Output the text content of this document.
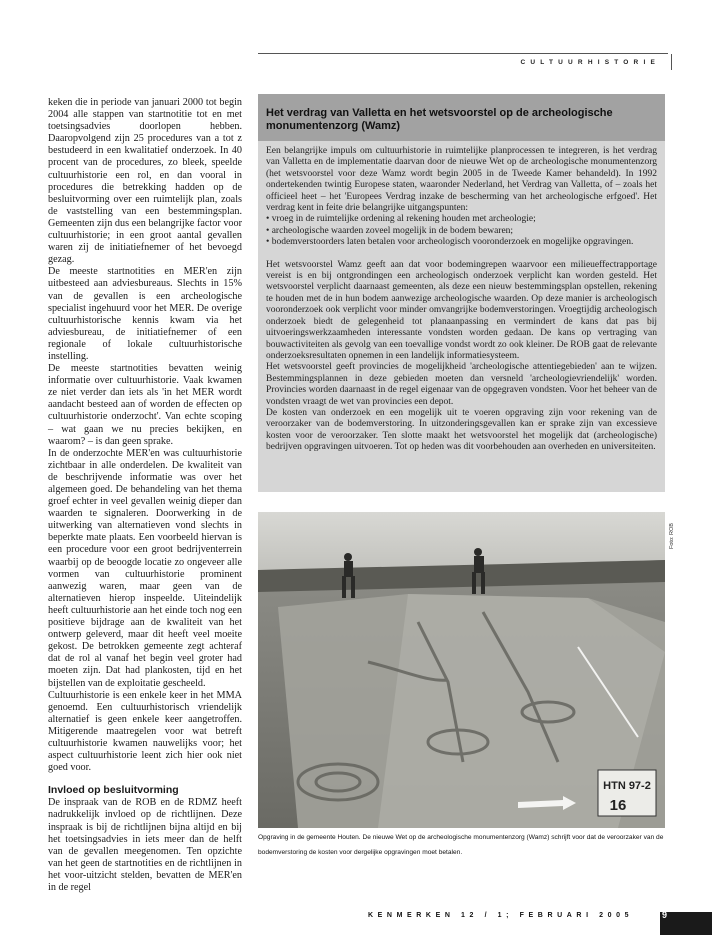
CULTUURHISTORIE

keken die in periode van januari 2000 tot begin 2004 alle stappen van startnotitie tot en met toetsingsadvies doorlopen hebben. Daaropvolgend zijn 25 procedures van a tot z bestudeerd in een kwalitatief onderzoek. In 40 procent van de procedures, zo bleek, speelde cultuurhistorie een rol, en dan vooral in procedures die betrekking hadden op de besluitvorming over een ruimtelijk plan, zoals de vaststelling van een bestemmingsplan. Gemeenten zijn dus een belangrijke factor voor cultuurhistorie; in een groot aantal gevallen waren zij de initiatiefnemer of het bevoegd gezag.

De meeste startnotities en MER'en zijn uitbesteed aan adviesbureaus. Slechts in 15% van de gevallen is een archeologische specialist ingehuurd voor het MER. De overige cultuurhistorische kennis kwam via het adviesbureau, de initiatiefnemer of een regionale of lokale cultuurhistorische instelling.

De meeste startnotities bevatten weinig informatie over cultuurhistorie. Vaak kwamen ze niet verder dan iets als 'in het MER wordt aandacht besteed aan of worden de effecten op cultuurhistorie onderzocht'. Van echte scoping – wat gaan we nu precies bekijken, en waarom? – is dan geen sprake.

In de onderzochte MER'en was cultuurhistorie zichtbaar in alle onderdelen. De kwaliteit van de beschrijvende informatie was over het algemeen goed. De behandeling van het thema groef echter in veel gevallen weinig dieper dan waarden te signaleren. Doorwerking in de uitwerking van alternatieven vond slechts in beperkte mate plaats. Een voorbeeld hiervan is een procedure voor een groot bedrijventerrein waarbij op de beoogde locatie zo ongeveer alle vormen van cultuurhistorie prominent aanwezig waren, maar geen van de alternatieven hierop inspeelde. Uiteindelijk heeft cultuurhistorie aan het einde toch nog een positieve bijdrage aan de kwaliteit van het ontwerp geleverd, maar dit heeft veel moeite gekost. De betrokken gemeente zegt achteraf dat de rol al vanaf het begin veel groter had moeten zijn. Dat had plankosten, tijd en het bijstellen van de exploitatie gescheeld.

Cultuurhistorie is een enkele keer in het MMA genoemd. Een cultuurhistorisch vriendelijk alternatief is geen enkele keer aangetroffen. Mitigerende maatregelen voor wat betreft cultuurhistorie kwamen nauwelijks voor; het aspect cultuurhistorie leent zich hier ook niet goed voor.

Invloed op besluitvorming

De inspraak van de ROB en de RDMZ heeft nadrukkelijk invloed op de richtlijnen. Deze inspraak is bij de richtlijnen bijna altijd en bij het toetsingsadvies in iets meer dan de helft van de gevallen meegenomen. Ten opzichte van het geen de startnotities en de richtlijnen in het voor-uitzicht stelden, bevatten de MER'en in de regel

Het verdrag van Valletta en het wetsvoorstel op de archeologische monumentenzorg (Wamz)

Een belangrijke impuls om cultuurhistorie in ruimtelijke planprocessen te integreren, is het verdrag van Valletta en de implementatie daarvan door de nieuwe Wet op de archeologische monumentenzorg (het wetsvoorstel voor deze Wamz wordt begin 2005 in de Tweede Kamer behandeld). In 1992 ondertekenden twintig Europese staten, waaronder Nederland, het Verdrag van Valletta, of – zoals het officieel heet – het 'Europees Verdrag inzake de bescherming van het archeologische erfgoed'. Het verdrag kent in feite drie belangrijke uitgangspunten:

• vroeg in de ruimtelijke ordening al rekening houden met archeologie;

• archeologische waarden zoveel mogelijk in de bodem bewaren;

• bodemverstoorders laten betalen voor archeologisch vooronderzoek en mogelijke opgravingen.

Het wetsvoorstel Wamz geeft aan dat voor bodemingrepen waarvoor een milieueffectrapportage vereist is en bij ontgrondingen een archeologisch onderzoek verplicht kan worden gesteld. Het wetsvoorstel verplicht daarnaast gemeenten, als deze een nieuw bestemmingsplan opstellen, rekening te houden met de in hun bodem aanwezige archeologische waarden. Op deze manier is archeologisch vooronderzoek ook verplicht voor minder omvangrijke bodemverstoringen. Vroegtijdig archeologisch onderzoek biedt de gelegenheid tot planaanpassing en vermindert de kans dat pas bij uitvoeringswerkzaamheden interessante vondsten worden gedaan. De kans op vertraging van bouwactiviteiten als gevolg van een toevallige vondst wordt zo ook kleiner. De ROB gaat de relevante onderzoeksresultaten opnemen in een landelijk informatiesysteem.

Het wetsvoorstel geeft provincies de mogelijkheid 'archeologische attentiegebieden' aan te wijzen. Bestemmingsplannen in deze gebieden moeten dan versneld 'archeologievriendelijk' worden. Provincies worden daarnaast in de regel eigenaar van de opgegraven vondsten. Voor het beheer van de vondsten vraagt de wet van provincies een depot.

De kosten van onderzoek en een mogelijk uit te voeren opgraving zijn voor rekening van de veroorzaker van de bodemverstoring. In uitzonderingsgevallen kan er sprake zijn van excessieve kosten voor de veroorzaker. Ten slotte maakt het wetsvoorstel het mogelijk dat (archeologische) bedrijven opgravingen uitvoeren. Tot op heden was dit voorbehouden aan overheden en universiteiten.

HTN 97-2
16
Foto: ROB
Opgraving in de gemeente Houten. De nieuwe Wet op de archeologische monumentenzorg (Wamz) schrijft voor dat de veroorzaker van de bodemverstoring de kosten voor dergelijke opgravingen moet betalen.
KENMERKEN 12 / 1; FEBRUARI 2005	9
